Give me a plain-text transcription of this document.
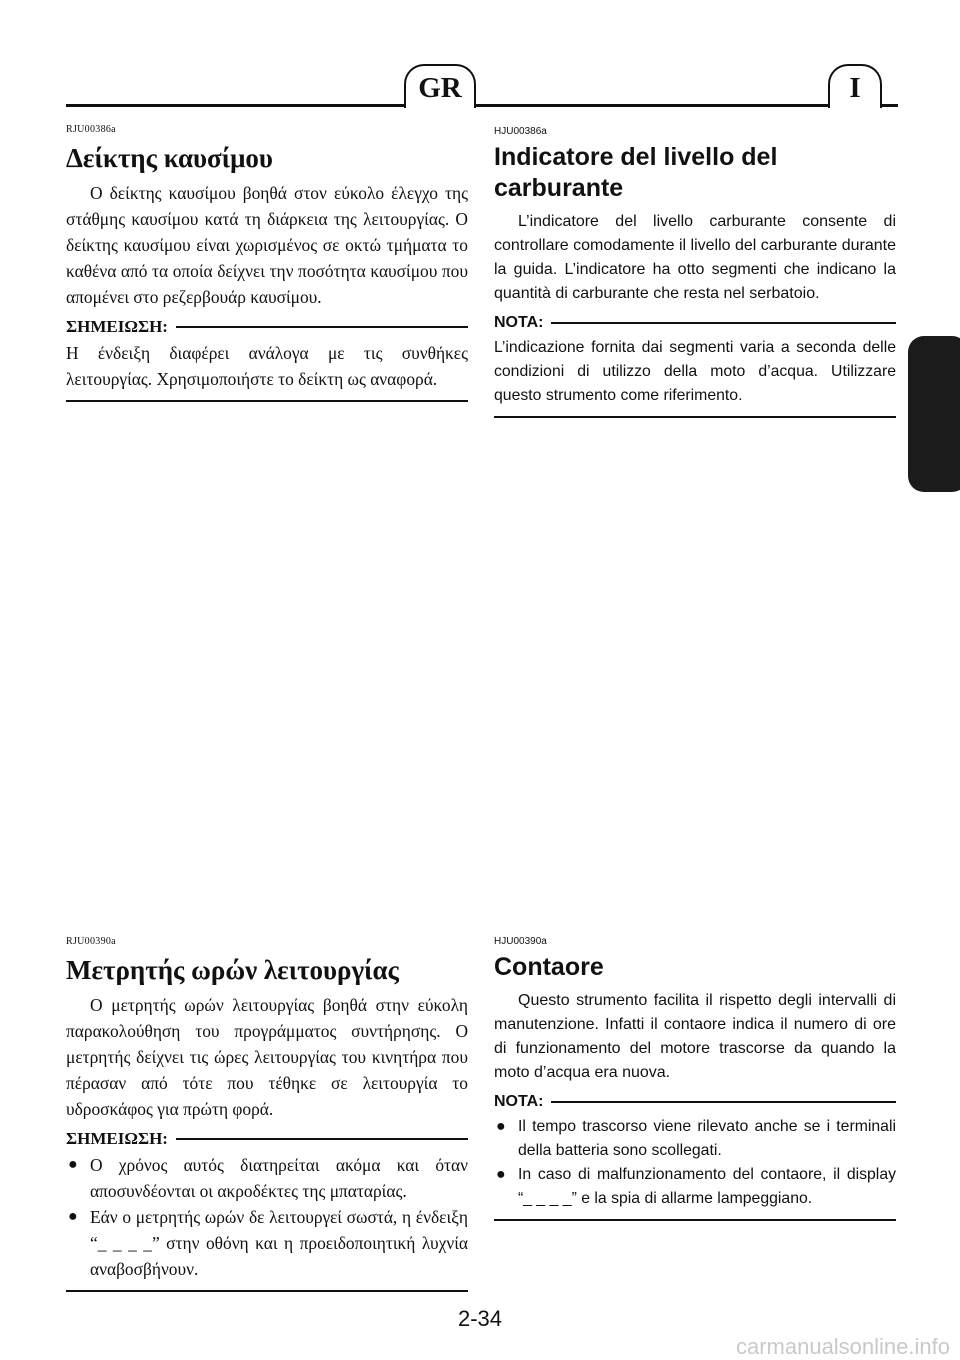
GR	I

RJU00386a

Δείκτης καυσίμου

Ο δείκτης καυσίμου βοηθά στον εύκολο έλεγχο της στάθμης καυσίμου κατά τη διάρκεια της λειτουργίας. Ο δείκτης καυσίμου είναι χωρισμένος σε οκτώ τμήματα το καθένα από τα οποία δείχνει την ποσότητα καυσίμου που απομένει στο ρεζερβουάρ καυσίμου.

ΣΗΜΕΙΩΣΗ:

Η ένδειξη διαφέρει ανάλογα με τις συνθήκες λειτουργίας. Χρησιμοποιήστε το δείκτη ως αναφορά.

HJU00386a

Indicatore del livello del carburante

L’indicatore del livello carburante consente di controllare comodamente il livello del carburante durante la guida. L’indicatore ha otto segmenti che indicano la quantità di carburante che resta nel serbatoio.

NOTA:

L’indicazione fornita dai segmenti varia a seconda delle condizioni di utilizzo della moto d’acqua. Utilizzare questo strumento come riferimento.

RJU00390a

Μετρητής ωρών λειτουργίας

Ο μετρητής ωρών λειτουργίας βοηθά στην εύκολη παρακολούθηση του προγράμματος συντήρησης. Ο μετρητής δείχνει τις ώρες λειτουργίας του κινητήρα που πέρασαν από τότε που τέθηκε σε λειτουργία το υδροσκάφος για πρώτη φορά.

ΣΗΜΕΙΩΣΗ:
● Ο χρόνος αυτός διατηρείται ακόμα και όταν αποσυνδέονται οι ακροδέκτες της μπαταρίας.
● Εάν ο μετρητής ωρών δε λειτουργεί σωστά, η ένδειξη “_ _ _ _” στην οθόνη και η προειδοποιητική λυχνία αναβοσβήνουν.

HJU00390a

Contaore

Questo strumento facilita il rispetto degli intervalli di manutenzione. Infatti il contaore indica il numero di ore di funzionamento del motore trascorse da quando la moto d’acqua era nuova.

NOTA:
● Il tempo trascorso viene rilevato anche se i terminali della batteria sono scollegati.
● In caso di malfunzionamento del contaore, il display “_ _ _ _” e la spia di allarme lampeggiano.
2-34
carmanualsonline.info
